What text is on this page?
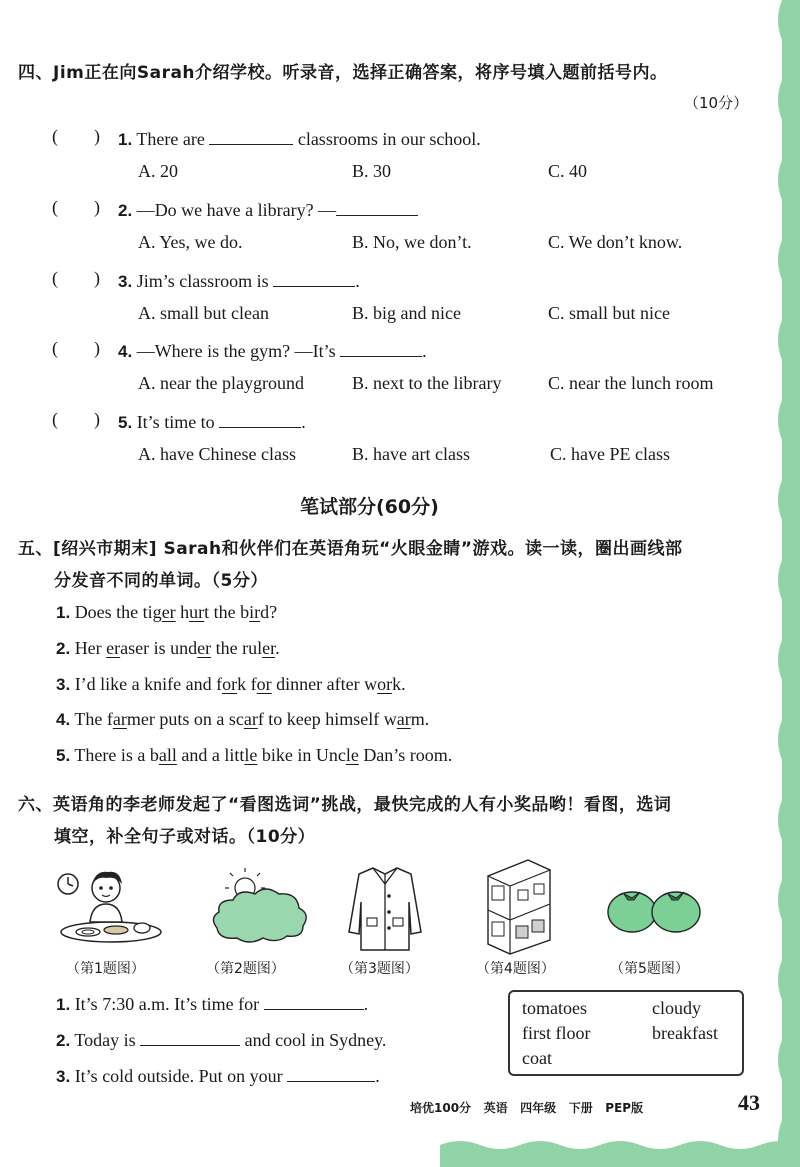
四、Jim正在向Sarah介绍学校。听录音，选择正确答案，将序号填入题前括号内。
（10分）
(        ) 1. There are	classrooms in our school.
A. 20	B. 30	C. 40
(        ) 2. —Do we have a library? —
A. Yes, we do.	B. No, we don’t.	C. We don’t know.
(        ) 3. Jim’s classroom is	.
A. small but clean	B. big and nice	C. small but nice
(        ) 4. —Where is the gym? —It’s	.
A. near the playground	B. next to the library	C. near the lunch room
(        ) 5. It’s time to	.
A. have Chinese class	B. have art class	C. have PE class
笔试部分(60分)
五、[绍兴市期末] Sarah和伙伴们在英语角玩“火眼金睛”游戏。读一读，圈出画线部
分发音不同的单词。（5分）
1. Does the tiger hurt the bird?
2. Her eraser is under the ruler.
3. I’d like a knife and fork for dinner after work.
4. The farmer puts on a scarf to keep himself warm.
5. There is a ball and a little bike in Uncle Dan’s room.
六、英语角的李老师发起了“看图选词”挑战，最快完成的人有小奖品哟！看图，选词
填空，补全句子或对话。（10分）
（第1题图）	（第2题图）	（第3题图）	（第4题图）	（第5题图）
1. It’s 7:30 a.m. It’s time for	.
2. Today is	and cool in Sydney.
3. It’s cold outside. Put on your	.
tomatoes	cloudy
first floor	breakfast
coat
培优100分 英语 四年级 下册 PEP版	43
